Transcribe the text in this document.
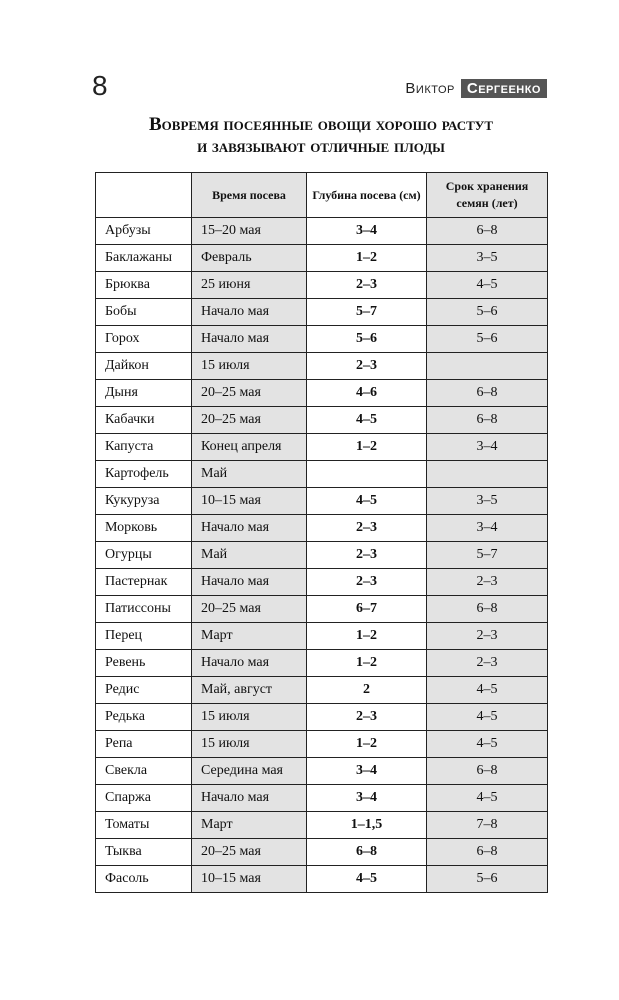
8	Виктор Сергеенко
Вовремя посеянные овощи хорошо растут
и завязывают отличные плоды
	Время посева	Глубина посева (см)	Срок хранения семян (лет)
Арбузы	15–20 мая	3–4	6–8
Баклажаны	Февраль	1–2	3–5
Брюква	25 июня	2–3	4–5
Бобы	Начало мая	5–7	5–6
Горох	Начало мая	5–6	5–6
Дайкон	15 июля	2–3	
Дыня	20–25 мая	4–6	6–8
Кабачки	20–25 мая	4–5	6–8
Капуста	Конец апреля	1–2	3–4
Картофель	Май		
Кукуруза	10–15 мая	4–5	3–5
Морковь	Начало мая	2–3	3–4
Огурцы	Май	2–3	5–7
Пастернак	Начало мая	2–3	2–3
Патиссоны	20–25 мая	6–7	6–8
Перец	Март	1–2	2–3
Ревень	Начало мая	1–2	2–3
Редис	Май, август	2	4–5
Редька	15 июля	2–3	4–5
Репа	15 июля	1–2	4–5
Свекла	Середина мая	3–4	6–8
Спаржа	Начало мая	3–4	4–5
Томаты	Март	1–1,5	7–8
Тыква	20–25 мая	6–8	6–8
Фасоль	10–15 мая	4–5	5–6
